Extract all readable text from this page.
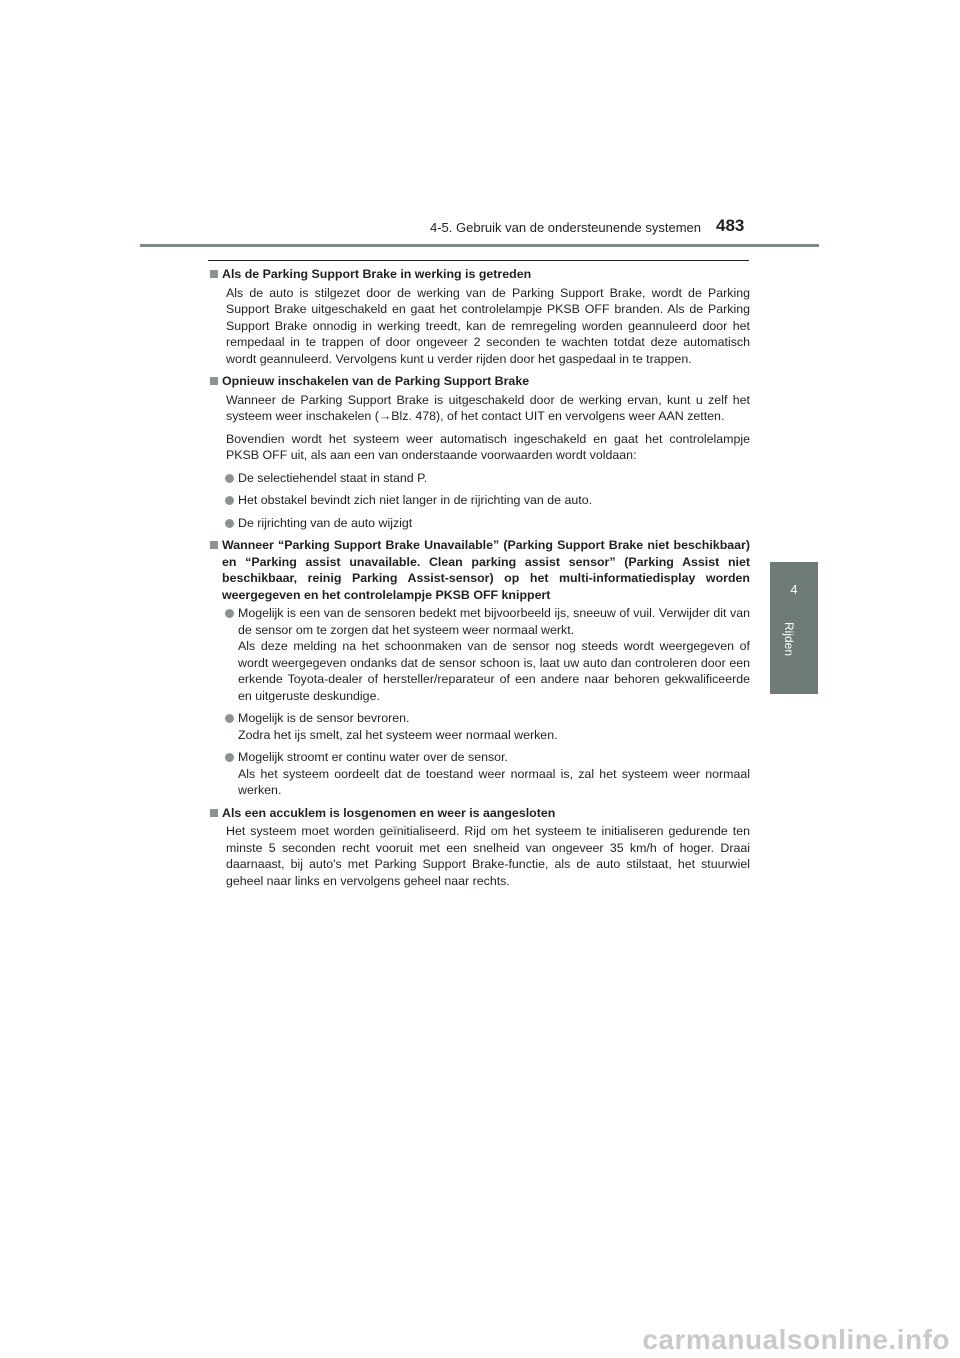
4-5. Gebruik van de ondersteunende systemen 483
4
Rijden
Als de Parking Support Brake in werking is getreden

Als de auto is stilgezet door de werking van de Parking Support Brake, wordt de Parking Support Brake uitgeschakeld en gaat het controlelampje PKSB OFF branden. Als de Parking Support Brake onnodig in werking treedt, kan de remregeling worden geannuleerd door het rempedaal in te trappen of door ongeveer 2 seconden te wachten totdat deze automatisch wordt geannuleerd. Vervolgens kunt u verder rijden door het gaspedaal in te trappen.

Opnieuw inschakelen van de Parking Support Brake

Wanneer de Parking Support Brake is uitgeschakeld door de werking ervan, kunt u zelf het systeem weer inschakelen (→Blz. 478), of het contact UIT en vervolgens weer AAN zetten.

Bovendien wordt het systeem weer automatisch ingeschakeld en gaat het controlelampje PKSB OFF uit, als aan een van onderstaande voorwaarden wordt voldaan:

De selectiehendel staat in stand P.
Het obstakel bevindt zich niet langer in de rijrichting van de auto.
De rijrichting van de auto wijzigt
Wanneer “Parking Support Brake Unavailable” (Parking Support Brake niet beschikbaar) en “Parking assist unavailable. Clean parking assist sensor” (Parking Assist niet beschikbaar, reinig Parking Assist-sensor) op het multi-informatiedisplay worden weergegeven en het controlelampje PKSB OFF knippert
Mogelijk is een van de sensoren bedekt met bijvoorbeeld ijs, sneeuw of vuil. Verwijder dit van de sensor om te zorgen dat het systeem weer normaal werkt.
Als deze melding na het schoonmaken van de sensor nog steeds wordt weergegeven of wordt weergegeven ondanks dat de sensor schoon is, laat uw auto dan controleren door een erkende Toyota-dealer of hersteller/reparateur of een andere naar behoren gekwalificeerde en uitgeruste deskundige.
Mogelijk is de sensor bevroren.
Zodra het ijs smelt, zal het systeem weer normaal werken.
Mogelijk stroomt er continu water over de sensor.
Als het systeem oordeelt dat de toestand weer normaal is, zal het systeem weer normaal werken.
Als een accuklem is losgenomen en weer is aangesloten

Het systeem moet worden geïnitialiseerd. Rijd om het systeem te initialiseren gedurende ten minste 5 seconden recht vooruit met een snelheid van ongeveer 35 km/h of hoger. Draai daarnaast, bij auto's met Parking Support Brake-functie, als de auto stilstaat, het stuurwiel geheel naar links en vervolgens geheel naar rechts.

carmanualsonline.info
